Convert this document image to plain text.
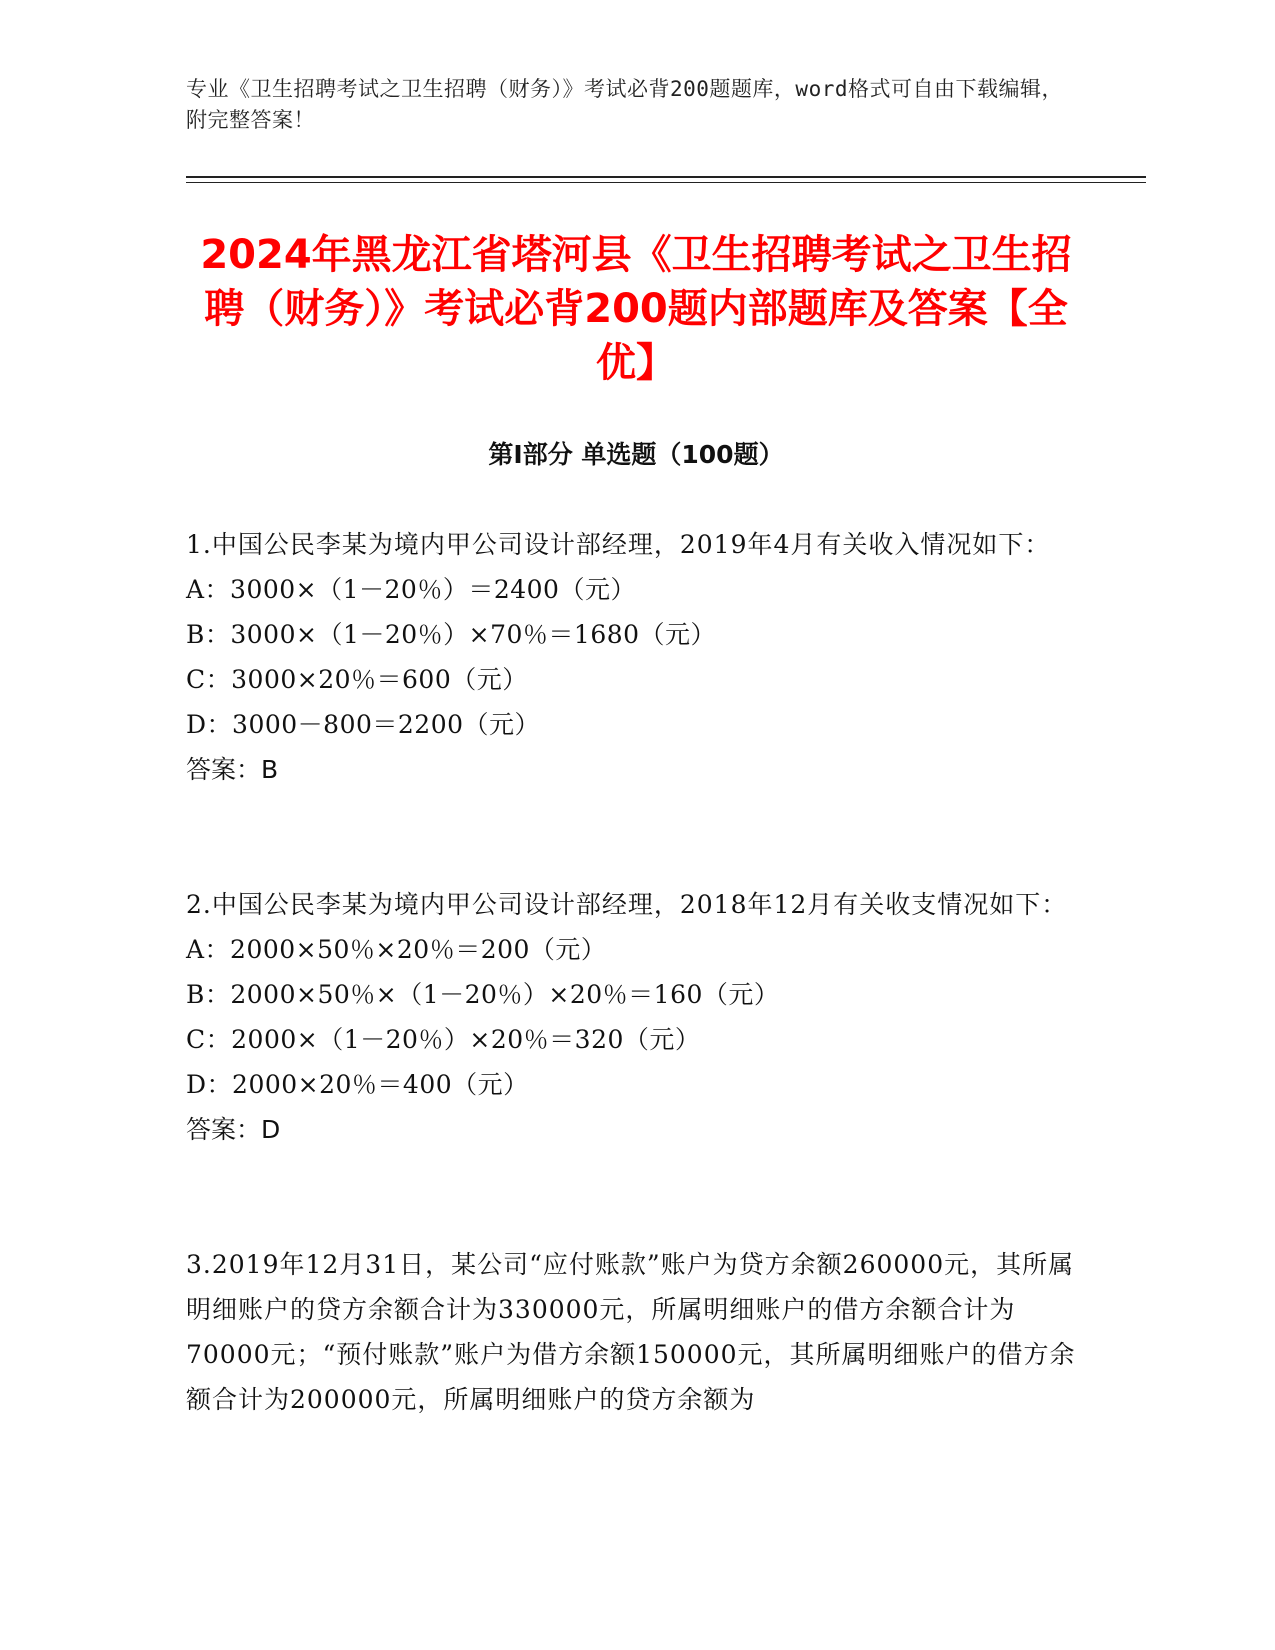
专业《卫生招聘考试之卫生招聘（财务）》考试必背200题题库，word格式可自由下载编辑，附完整答案！
2024年黑龙江省塔河县《卫生招聘考试之卫生招聘（财务）》考试必背200题内部题库及答案【全优】
第I部分 单选题（100题）

1.中国公民李某为境内甲公司设计部经理，2019年4月有关收入情况如下：

A：3000×（1－20％）＝2400（元）

B：3000×（1－20％）×70％＝1680（元）

C：3000×20％＝600（元）

D：3000－800＝2200（元）

答案：B

2.中国公民李某为境内甲公司设计部经理，2018年12月有关收支情况如下：

A：2000×50％×20％＝200（元）

B：2000×50％×（1－20％）×20％＝160（元）

C：2000×（1－20％）×20％＝320（元）

D：2000×20％＝400（元）

答案：D

3.2019年12月31日，某公司“应付账款”账户为贷方余额260000元，其所属明细账户的贷方余额合计为330000元，所属明细账户的借方余额合计为70000元；“预付账款”账户为借方余额150000元，其所属明细账户的借方余额合计为200000元，所属明细账户的贷方余额为
